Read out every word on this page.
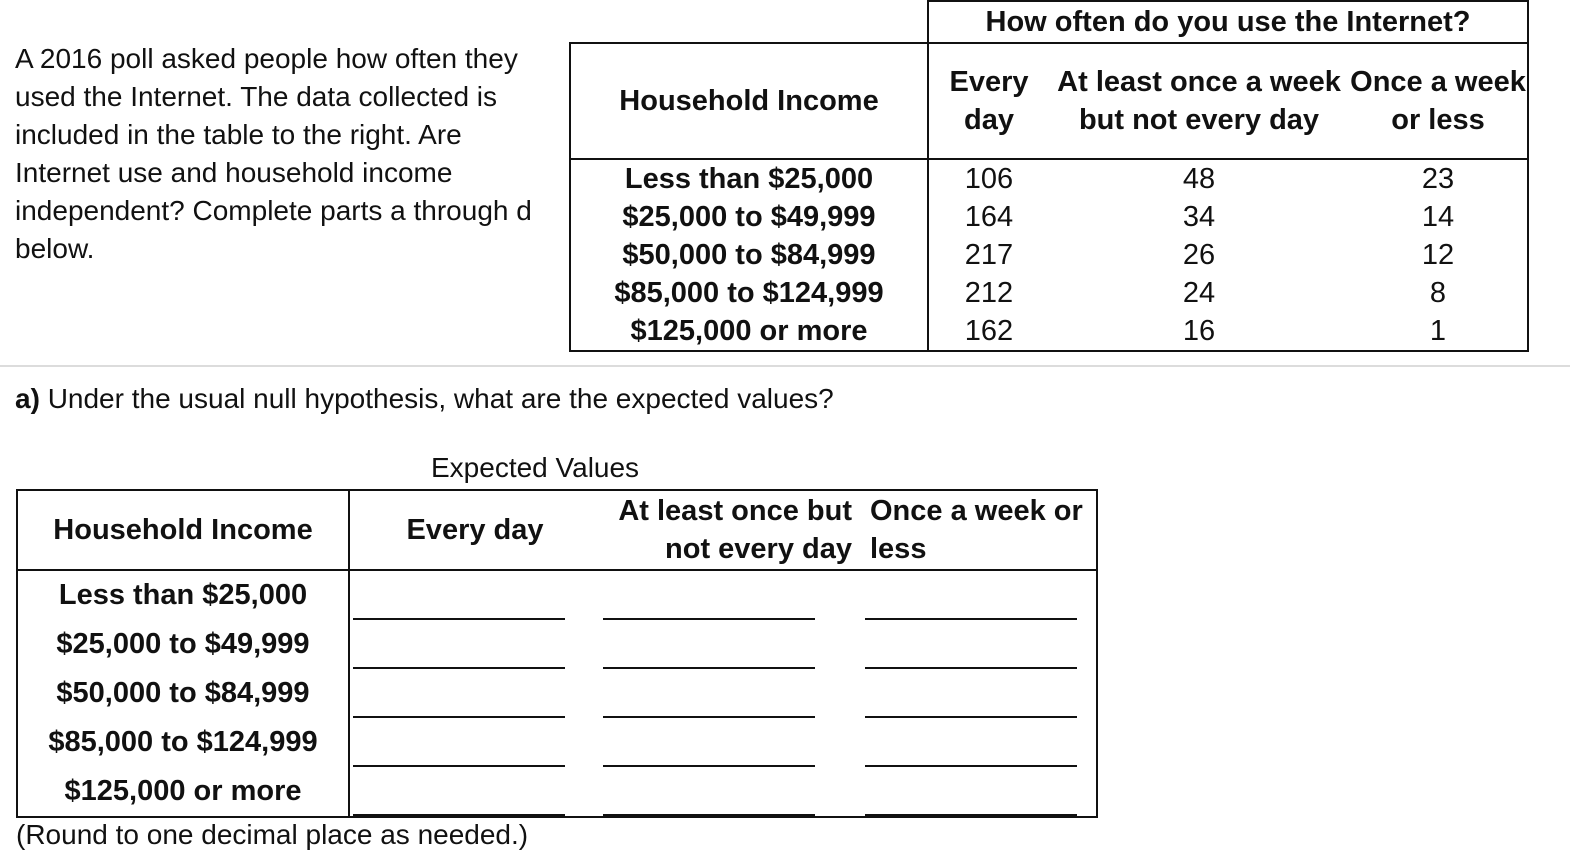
A 2016 poll asked people how often they used the Internet. The data collected is included in the table to the right. Are Internet use and household income independent? Complete parts a through d below.

	How often do you use the Internet?		
Household Income	Every day	At least once a week but not every day	Once a week or less
Less than $25,000	106	48	23
$25,000 to $49,999	164	34	14
$50,000 to $84,999	217	26	12
$85,000 to $124,999	212	24	8
$125,000 or more	162	16	1

a) Under the usual null hypothesis, what are the expected values?

Expected Values
Household Income	Every day	At least once but not every day	Once a week or less
Less than $25,000	

$25,000 to $49,999	

$50,000 to $84,999	

$85,000 to $124,999	

$125,000 or more	

(Round to one decimal place as needed.)
